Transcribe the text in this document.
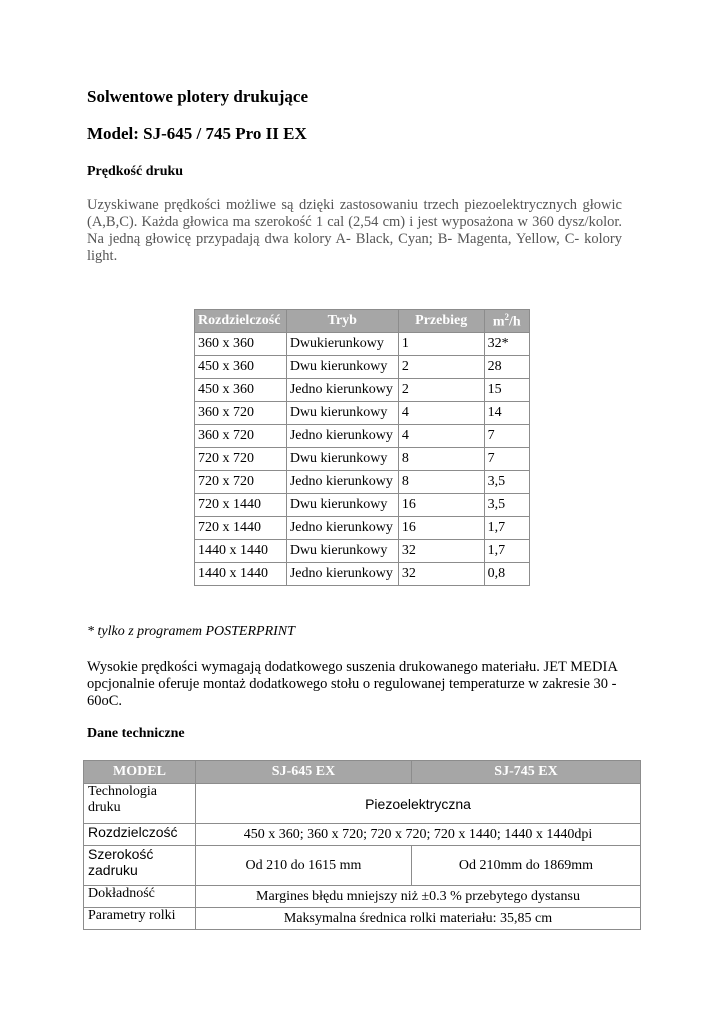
Solwentowe plotery drukujące
Model: SJ-645 / 745 Pro II EX
Prędkość druku
Uzyskiwane prędkości możliwe są dzięki zastosowaniu trzech piezoelektrycznych głowic (A,B,C). Każda głowica ma szerokość 1 cal (2,54 cm) i jest wyposażona w 360 dysz/kolor. Na jedną głowicę przypadają dwa kolory A- Black, Cyan; B- Magenta, Yellow, C- kolory light.
Rozdzielczość	Tryb	Przebieg	$m^2/h$
360 x 360	Dwukierunkowy	1	32*
450 x 360	Dwu kierunkowy	2	28
450 x 360	Jedno kierunkowy	2	15
360 x 720	Dwu kierunkowy	4	14
360 x 720	Jedno kierunkowy	4	7
720 x 720	Dwu kierunkowy	8	7
720 x 720	Jedno kierunkowy	8	3,5
720 x 1440	Dwu kierunkowy	16	3,5
720 x 1440	Jedno kierunkowy	16	1,7
1440 x 1440	Dwu kierunkowy	32	1,7
1440 x 1440	Jedno kierunkowy	32	0,8
* tylko z programem POSTERPRINT
Wysokie prędkości wymagają dodatkowego suszenia drukowanego materiału. JET MEDIA opcjonalnie oferuje montaż dodatkowego stołu o regulowanej temperaturze w zakresie 30 - 60oC.
Dane techniczne
MODEL	SJ-645 EX	SJ-745 EX
Technologia druku	Piezoelektryczna	
Rozdzielczość	450 x 360; 360 x 720; 720 x 720; 720 x 1440; 1440 x 1440dpi	
Szerokość zadruku	Od 210 do 1615 mm	Od 210mm do 1869mm
Dokładność	Margines błędu mniejszy niż ±0.3 % przebytego dystansu	
Parametry rolki	Maksymalna średnica rolki materiału: 35,85 cm	
